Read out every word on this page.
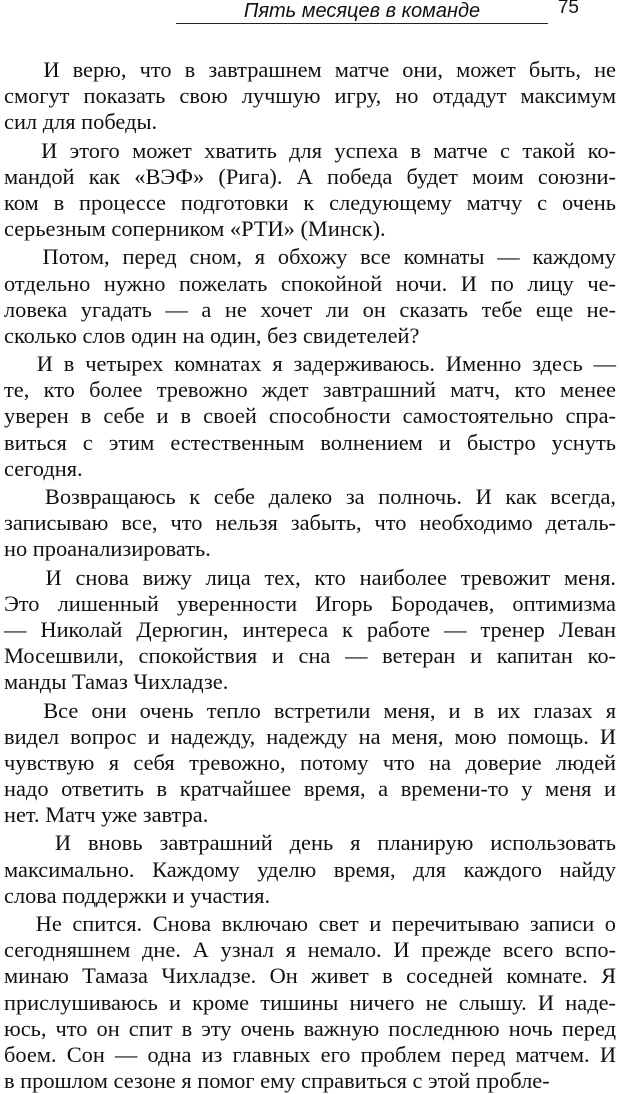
Пять месяцев в команде	75
И верю, что в завтрашнем матче они, может быть, не
смогут показать свою лучшую игру, но отдадут максимум
сил для победы.
И этого может хватить для успеха в матче с такой ко-
мандой как «ВЭФ» (Рига). А победа будет моим союзни-
ком в процессе подготовки к следующему матчу с очень
серьезным соперником «РТИ» (Минск).
Потом, перед сном, я обхожу все комнаты — каждому
отдельно нужно пожелать спокойной ночи. И по лицу че-
ловека угадать — а не хочет ли он сказать тебе еще не-
сколько слов один на один, без свидетелей?
И в четырех комнатах я задерживаюсь. Именно здесь —
те, кто более тревожно ждет завтрашний матч, кто менее
уверен в себе и в своей способности самостоятельно спра-
виться с этим естественным волнением и быстро уснуть
сегодня.
Возвращаюсь к себе далеко за полночь. И как всегда,
записываю все, что нельзя забыть, что необходимо деталь-
но проанализировать.
И снова вижу лица тех, кто наиболее тревожит меня.
Это лишенный уверенности Игорь Бородачев, оптимизма
— Николай Дерюгин, интереса к работе — тренер Леван
Мосешвили, спокойствия и сна — ветеран и капитан ко-
манды Тамаз Чихладзе.
Все они очень тепло встретили меня, и в их глазах я
видел вопрос и надежду, надежду на меня, мою помощь. И
чувствую я себя тревожно, потому что на доверие людей
надо ответить в кратчайшее время, а времени-то у меня и
нет. Матч уже завтра.
И вновь завтрашний день я планирую использовать
максимально. Каждому уделю время, для каждого найду
слова поддержки и участия.
Не спится. Снова включаю свет и перечитываю записи о
сегодняшнем дне. А узнал я немало. И прежде всего вспо-
минаю Тамаза Чихладзе. Он живет в соседней комнате. Я
прислушиваюсь и кроме тишины ничего не слышу. И наде-
юсь, что он спит в эту очень важную последнюю ночь перед
боем. Сон — одна из главных его проблем перед матчем. И
в прошлом сезоне я помог ему справиться с этой пробле-
